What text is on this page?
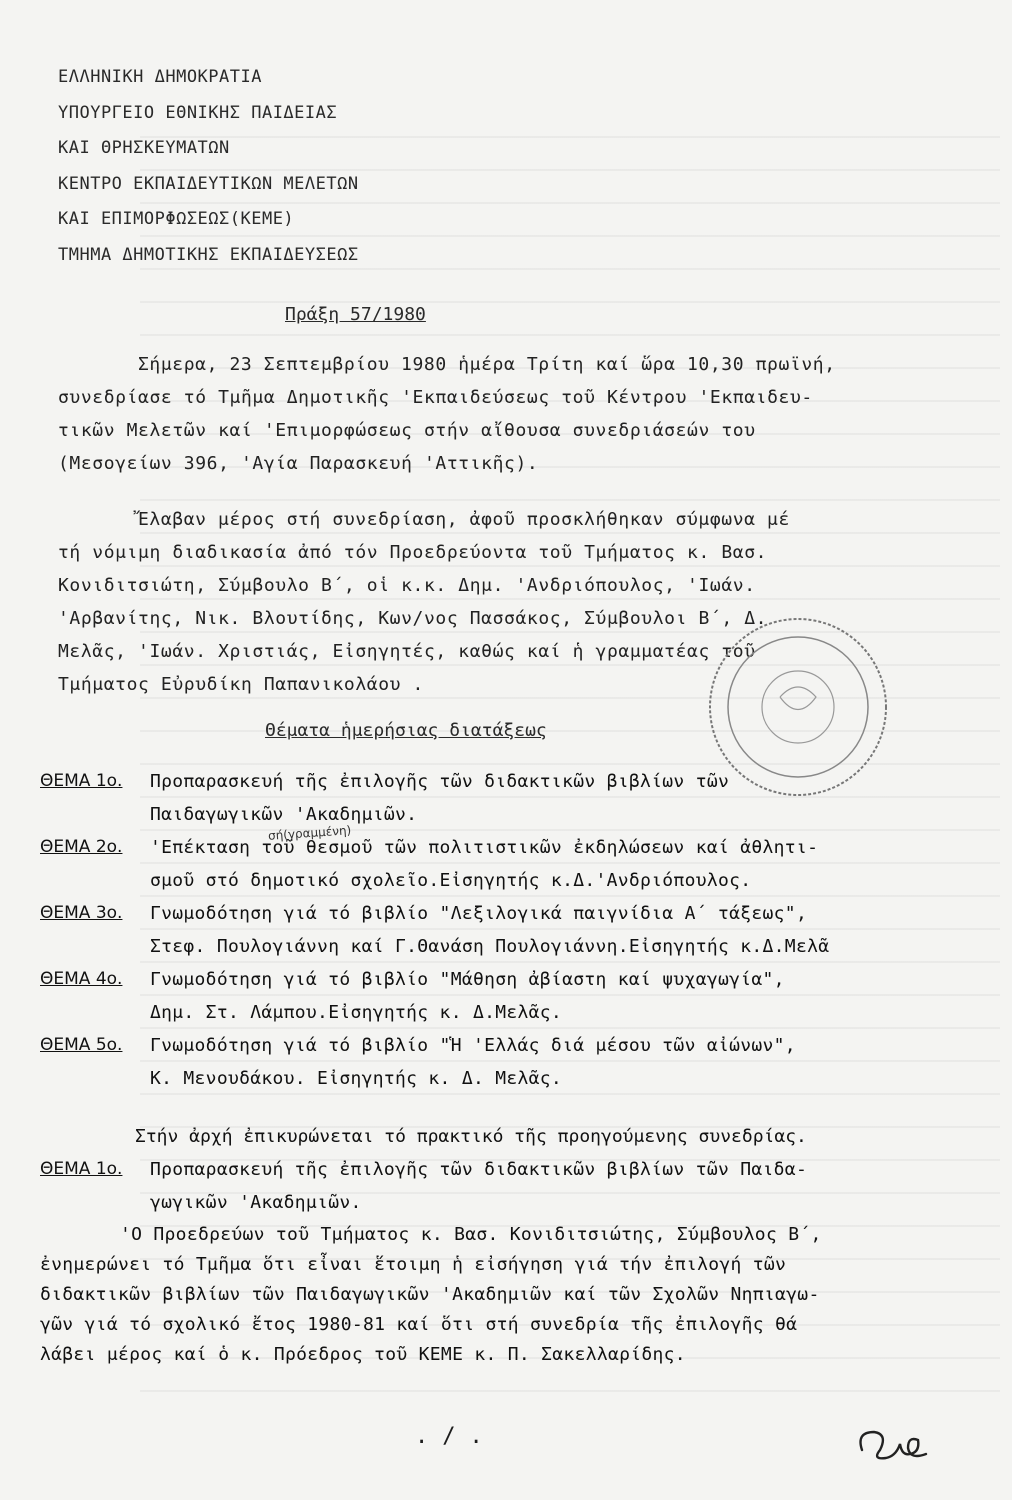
ΕΛΛΗΝΙΚΗ ΔΗΜΟΚΡΑΤΙΑ
ΥΠΟΥΡΓΕΙΟ ΕΘΝΙΚΗΣ ΠΑΙΔΕΙΑΣ
ΚΑΙ ΘΡΗΣΚΕΥΜΑΤΩΝ
ΚΕΝΤΡΟ ΕΚΠΑΙΔΕΥΤΙΚΩΝ ΜΕΛΕΤΩΝ
ΚΑΙ ΕΠΙΜΟΡΦΩΣΕΩΣ(ΚΕΜΕ)
ΤΜΗΜΑ ΔΗΜΟΤΙΚΗΣ ΕΚΠΑΙΔΕΥΣΕΩΣ
Πράξη 57/1980
Σήμερα, 23 Σεπτεμβρίου 1980 ἡμέρα Τρίτη καί ὥρα 10,30 πρωϊνή,
συνεδρίασε τό Τμῆμα Δημοτικῆς 'Εκπαιδεύσεως τοῦ Κέντρου 'Εκπαιδευ-
τικῶν Μελετῶν καί 'Επιμορφώσεως στήν αἴθουσα συνεδριάσεών του
(Μεσογείων 396, 'Αγία Παρασκευή 'Αττικῆς).
Ἔλαβαν μέρος στή συνεδρίαση, ἀφοῦ προσκλήθηκαν σύμφωνα μέ
τή νόμιμη διαδικασία ἀπό τόν Προεδρεύοντα τοῦ Τμήματος κ. Βασ.
Κονιδιτσιώτη, Σύμβουλο Β΄, οἱ κ.κ. Δημ. 'Ανδριόπουλος, 'Ιωάν.
'Αρβανίτης, Νικ. Βλουτίδης, Κων/νος Πασσάκος, Σύμβουλοι Β΄, Δ.
Μελᾶς, 'Ιωάν. Χριστιάς, Εἰσηγητές, καθώς καί ἡ γραμματέας τοῦ
Τμήματος Εὐρυδίκη Παπανικολάου .
Θέματα ἡμερήσιας διατάξεως
ΘΕΜΑ 1ο.	Προπαρασκευή τῆς ἐπιλογῆς τῶν διδακτικῶν βιβλίων τῶν
Παιδαγωγικῶν 'Ακαδημιῶν.
ΘΕΜΑ 2ο.	'Επέκταση τοῦ θεσμοῦ τῶν πολιτιστικῶν ἐκδηλώσεων καί ἀθλητι-
σμοῦ στό δημοτικό σχολεῖο.Εἰσηγητής κ.Δ.'Ανδριόπουλος.
ΘΕΜΑ 3ο.	Γνωμοδότηση γιά τό βιβλίο "Λεξιλογικά παιγνίδια Α΄ τάξεως",
Στεφ. Πουλογιάννη καί Γ.Θανάση Πουλογιάννη.Εἰσηγητής κ.Δ.Μελᾶ
ΘΕΜΑ 4ο.	Γνωμοδότηση γιά τό βιβλίο "Μάθηση ἀβίαστη καί ψυχαγωγία",
Δημ. Στ. Λάμπου.Εἰσηγητής κ. Δ.Μελᾶς.
ΘΕΜΑ 5ο.	Γνωμοδότηση γιά τό βιβλίο "Ἡ 'Ελλάς διά μέσου τῶν αἰώνων",
Κ. Μενουδάκου. Εἰσηγητής κ. Δ. Μελᾶς.
σή(γραμμένη)
Στήν ἀρχή ἐπικυρώνεται τό πρακτικό τῆς προηγούμενης συνεδρίας.
ΘΕΜΑ 1ο.	Προπαρασκευή τῆς ἐπιλογῆς τῶν διδακτικῶν βιβλίων τῶν Παιδα-
γωγικῶν 'Ακαδημιῶν.
'Ο Προεδρεύων τοῦ Τμήματος κ. Βασ. Κονιδιτσιώτης, Σύμβουλος Β΄,
ἐνημερώνει τό Τμῆμα ὅτι εἶναι ἕτοιμη ἡ εἰσήγηση γιά τήν ἐπιλογή τῶν
διδακτικῶν βιβλίων τῶν Παιδαγωγικῶν 'Ακαδημιῶν καί τῶν Σχολῶν Νηπιαγω-
γῶν γιά τό σχολικό ἔτος 1980-81 καί ὅτι στή συνεδρία τῆς ἐπιλογῆς θά
λάβει μέρος καί ὁ κ. Πρόεδρος τοῦ ΚΕΜΕ κ. Π. Σακελλαρίδης.
./.
